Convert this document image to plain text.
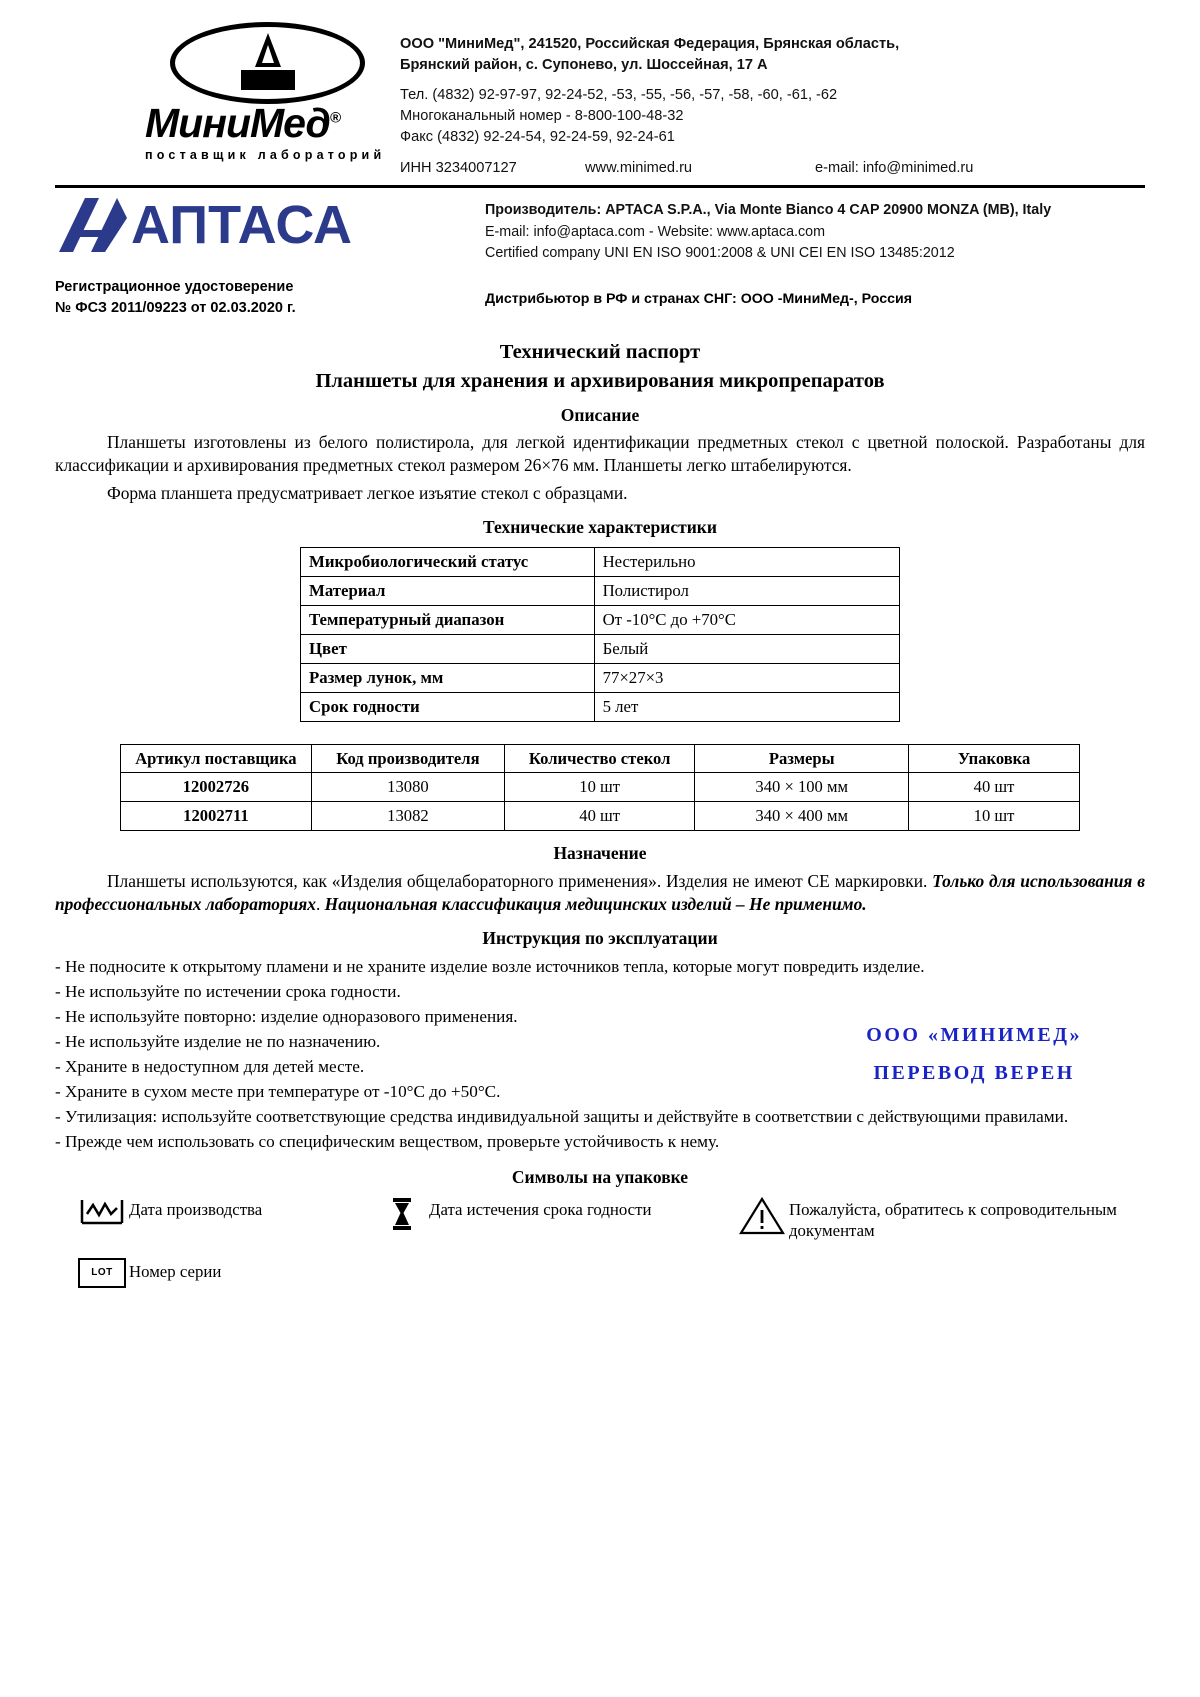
МиниМед®
поставщик лабораторий
ООО "МиниМед", 241520, Российская Федерация, Брянская область,
Брянский район, с. Супонево, ул. Шоссейная, 17 А
Тел. (4832) 92-97-97, 92-24-52, -53, -55, -56, -57, -58, -60, -61, -62
Многоканальный номер - 8-800-100-48-32
Факс (4832) 92-24-54, 92-24-59, 92-24-61
ИНН 3234007127	www.minimed.ru	e-mail: info@minimed.ru
АПТАСА	Производитель: APTACA S.P.A., Via Monte Bianco 4 CAP 20900 MONZA (MB), Italy
E-mail: info@aptaca.com - Website: www.aptaca.com
Certified company UNI EN ISO 9001:2008 & UNI CEI EN ISO 13485:2012
Регистрационное удостоверение
№ ФСЗ 2011/09223 от 02.03.2020 г.
Дистрибьютор в РФ и странах СНГ: ООО -МиниМед-, Россия
Технический паспорт
Планшеты для хранения и архивирования микропрепаратов
Описание
Планшеты изготовлены из белого полистирола, для легкой идентификации предметных стекол с цветной полоской. Разработаны для классификации и архивирования предметных стекол размером 26×76 мм. Планшеты легко штабелируются.
Форма планшета предусматривает легкое изъятие стекол с образцами.
Технические характеристики
Микробиологический статус	Нестерильно
Материал	Полистирол
Температурный диапазон	От -10°С до +70°С
Цвет	Белый
Размер лунок, мм	77×27×3
Срок годности	5 лет
Артикул поставщика	Код производителя	Количество стекол	Размеры	Упаковка
12002726	13080	10 шт	340 × 100 мм	40 шт
12002711	13082	40 шт	340 × 400 мм	10 шт
Назначение
Планшеты используются, как «Изделия общелабораторного применения». Изделия не имеют СЕ маркировки. Только для использования в профессиональных лабораториях. Национальная классификация медицинских изделий – Не применимо.
Инструкция по эксплуатации
- Не подносите к открытому пламени и не храните изделие возле источников тепла, которые могут повредить изделие.
- Не используйте по истечении срока годности.
- Не используйте повторно: изделие одноразового применения.
- Не используйте изделие не по назначению.
- Храните в недоступном для детей месте.
- Храните в сухом месте при температуре от -10°С до +50°С.
- Утилизация: используйте соответствующие средства индивидуальной защиты и действуйте в соответствии с действующими правилами.
- Прежде чем использовать со специфическим веществом, проверьте устойчивость к нему.
ООО «МИНИМЕД»
ПЕРЕВОД ВЕРЕН
Символы на упаковке
Дата производства	Дата истечения срока годности	Пожалуйста, обратитесь к сопроводительным документам
LOT Номер серии
